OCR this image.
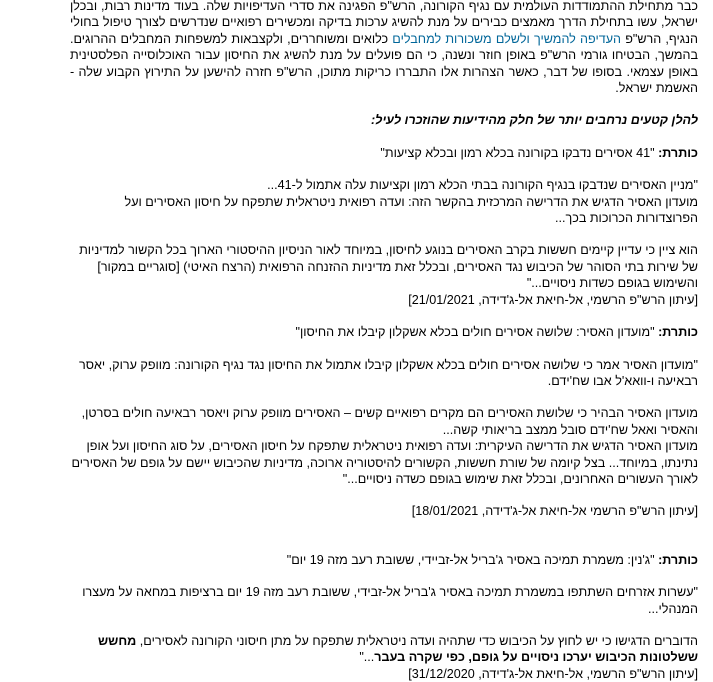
כבר מתחילת ההתמודדות העולמית עם נגיף הקורונה, הרש"פ הפגינה את סדרי העדיפויות שלה. בעוד מדינות רבות, ובכלן ישראל, עשו בתחילת הדרך מאמצים כבירים על מנת להשיג ערכות בדיקה ומכשירים רפואיים שנדרשים לצורך טיפול בחולי הנגיף, הרש"פ העדיפה להמשיך ולשלם משכורות למחבלים כלואים ומשוחררים, ולקצבאות למשפחות המחבלים ההרוגים. בהמשך, הבטיחו גורמי הרש"פ באופן חוזר ונשנה, כי הם פועלים על מנת להשיג את החיסון עבור האוכלוסייה הפלסטינית באופן עצמאי. בסופו של דבר, כאשר הצהרות אלו התבררו כריקות מתוכן, הרש"פ חזרה להישען על התירוץ הקבוע שלה - האשמת ישראל.

להלן קטעים נרחבים יותר של חלק מהידיעות שהוזכרו לעיל:

כותרת: "41 אסירים נדבקו בקורונה בכלא רמון ובכלא קציעות"

"מניין האסירים שנדבקו בנגיף הקורונה בבתי הכלא רמון וקציעות עלה אתמול ל-41...

מועדון האסיר הדגיש את הדרישה המרכזית בהקשר הזה: ועדה רפואית ניטראלית שתפקח על חיסון האסירים ועל הפרוצדורות הכרוכות בכך...

הוא ציין כי עדיין קיימים חששות בקרב האסירים בנוגע לחיסון, במיוחד לאור הניסיון ההיסטורי הארוך בכל הקשור למדיניות של שירות בתי הסוהר של הכיבוש נגד האסירים, ובכלל זאת מדיניות ההזנחה הרפואית (הרצח האיטי) [סוגריים במקור] והשימוש בגופם כשדות ניסויים..."

[עיתון הרש"פ הרשמי, אל-חיאת אל-ג'דידה, 21/01/2021]

כותרת: "מועדון האסיר: שלושה אסירים חולים בכלא אשקלון קיבלו את החיסון"

"מועדון האסיר אמר כי שלושה אסירים חולים בכלא אשקלון קיבלו אתמול את החיסון נגד נגיף הקורונה: מוופק ערוק, יאסר רבאיעה ו-וואא'ל אבו שח'ידם.

מועדון האסיר הבהיר כי שלושת האסירים הם מקרים רפואיים קשים – האסירים מוופק ערוק ויאסר רבאיעה חולים בסרטן, והאסיר ואאל שח'ידם סובל ממצב בריאותי קשה...

מועדון האסיר הדגיש את הדרישה העיקרית: ועדה רפואית ניטראלית שתפקח על חיסון האסירים, על סוג החיסון ועל אופן נתינתו, במיוחד... בצל קיומה של שורת חששות, הקשורים להיסטוריה ארוכה, מדיניות שהכיבוש יישם על גופם של האסירים לאורך העשורים האחרונים, ובכלל זאת שימוש בגופם כשדה ניסויים..."

[עיתון הרש"פ הרשמי אל-חיאת אל-ג'דידה, 18/01/2021]

כותרת: "ג'נין: משמרת תמיכה באסיר ג'בריל אל-זביידי, ששובת רעב מזה 19 יום"

"עשרות אזרחים השתתפו במשמרת תמיכה באסיר ג'בריל אל-זבידי, ששובת רעב מזה 19 יום ברציפות במחאה על מעצרו המנהלי...

הדוברים הדגישו כי יש לחוץ על הכיבוש כדי שתהיה ועדה ניטראלית שתפקח על מתן חיסוני הקורונה לאסירים, מחשש ששלטונות הכיבוש יערכו ניסויים על גופם, כפי שקרה בעבר..."

[עיתון הרש"פ הרשמי, אל-חיאת אל-ג'דידה, 31/12/2020]
